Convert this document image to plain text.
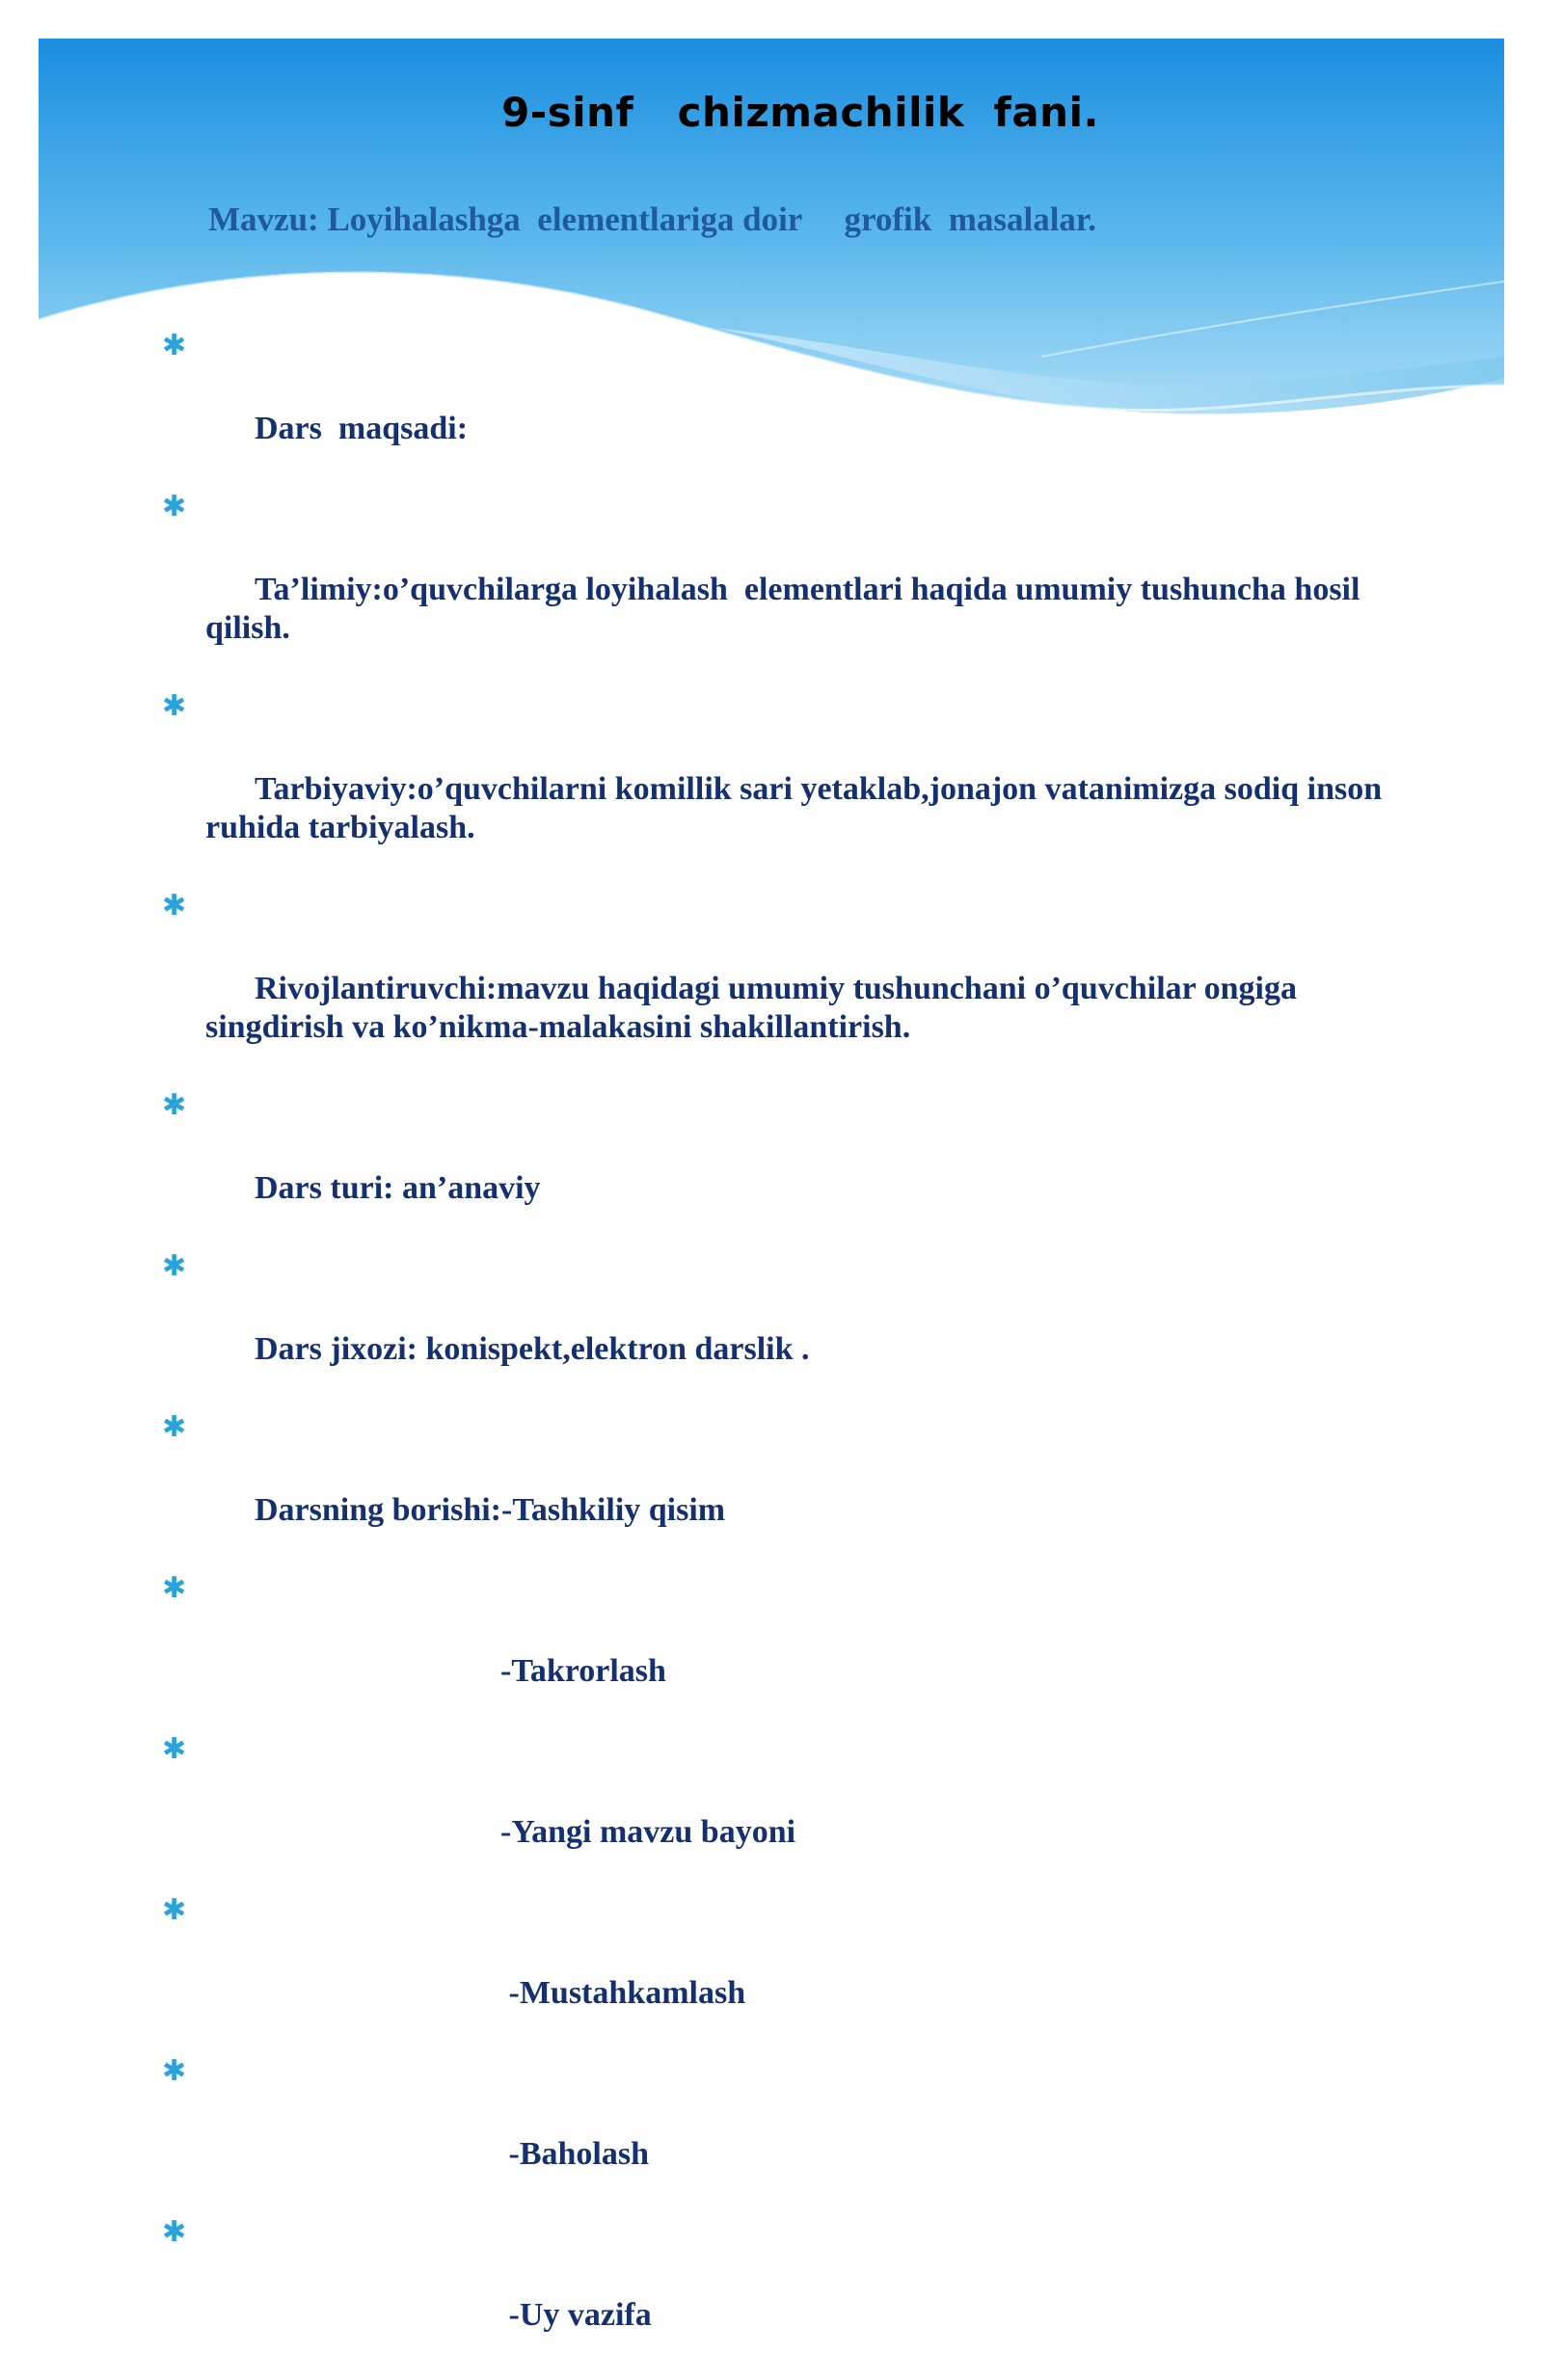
9-sinf   chizmachilik  fani.
Mavzu: Loyihalashga  elementlariga doir     grofik  masalalar.

✱

Dars  maqsadi:

✱

Ta’limiy:o’quvchilarga loyihalash  elementlari haqida umumiy tushuncha hosil qilish.

✱

Tarbiyaviy:o’quvchilarni komillik sari yetaklab,jonajon vatanimizga sodiq inson ruhida tarbiyalash.

✱

Rivojlantiruvchi:mavzu haqidagi umumiy tushunchani o’quvchilar ongiga singdirish va ko’nikma-malakasini shakillantirish.

✱

Dars turi: an’anaviy

✱

Dars jixozi: konispekt,elektron darslik .

✱

Darsning borishi:-Tashkiliy qisim

✱

-Takrorlash

✱

-Yangi mavzu bayoni

✱

-Mustahkamlash

✱

-Baholash

✱

-Uy vazifa
